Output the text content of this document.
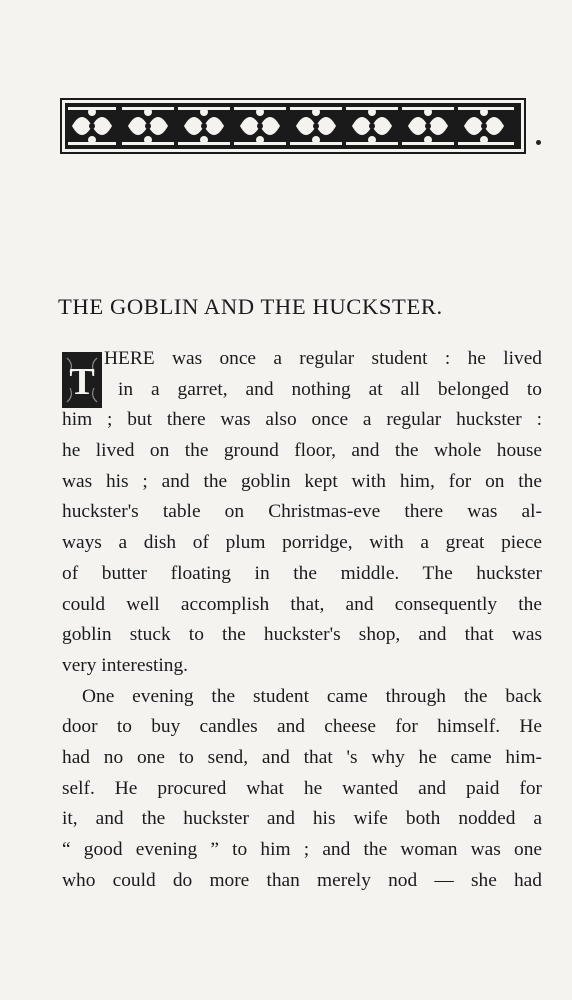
THE GOBLIN AND THE HUCKSTER.
T
HERE was once a regular student : he lived
in a garret, and nothing at all belonged to
him ; but there was also once a regular huckster :
he lived on the ground floor, and the whole house
was his ; and the goblin kept with him, for on the
huckster's table on Christmas-eve there was al-
ways a dish of plum porridge, with a great piece
of butter floating in the middle. The huckster
could well accomplish that, and consequently the
goblin stuck to the huckster's shop, and that was
very interesting.
One evening the student came through the back
door to buy candles and cheese for himself. He
had no one to send, and that 's why he came him-
self. He procured what he wanted and paid for
it, and the huckster and his wife both nodded a
“ good evening ” to him ; and the woman was one
who could do more than merely nod — she had
